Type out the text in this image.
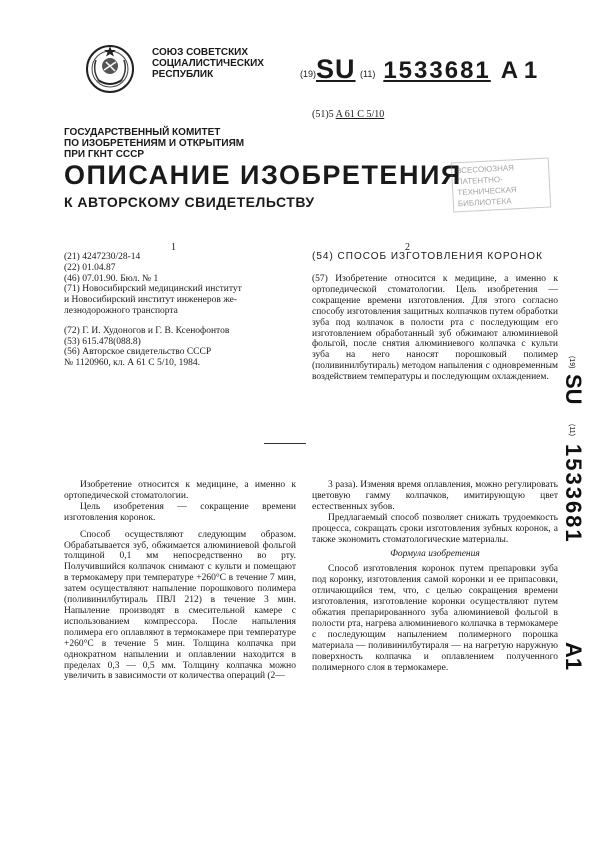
СОЮЗ СОВЕТСКИХ
СОЦИАЛИСТИЧЕСКИХ
РЕСПУБЛИК	(19)SU (11) 1533681 A 1
(51)5 A 61 C 5/10
ГОСУДАРСТВЕННЫЙ КОМИТЕТ
ПО ИЗОБРЕТЕНИЯМ И ОТКРЫТИЯМ
ПРИ ГКНТ СССР
ОПИСАНИЕ ИЗОБРЕТЕНИЯ
К АВТОРСКОМУ СВИДЕТЕЛЬСТВУ
ВСЕСОЮЗНАЯ
ПАТЕНТНО-
ТЕХНИЧЕСКАЯ
БИБЛИОТЕКА
1	2

(21) 4247230/28-14

(22) 01.04.87

(46) 07.01.90. Бюл. № 1

(71) Новосибирский медицинский институт

и Новосибирский институт инженеров же-

лезнодорожного транспорта

(72) Г. И. Худоногов и Г. В. Ксенофонтов

(53) 615.478(088.8)

(56) Авторское свидетельство СССР

№ 1120960, кл. А 61 С 5/10, 1984.

(54) СПОСОБ ИЗГОТОВЛЕНИЯ КОРОНОК
(57) Изобретение относится к медицине, а именно к ортопедической стоматологии. Цель изобретения — сокращение времени изготовления. Для этого согласно способу изготовления защитных колпачков путем обработки зуба под колпачок в полости рта с последующим его изготовлением обработанный зуб обжимают алюминиевой фольгой, после снятия алюминиевого колпачка с культи зуба на него наносят порошковый полимер (поливинилбутираль) методом напыления с одновременным воздействием температуры и последующим охлаждением.

Изобретение относится к медицине, а именно к ортопедической стоматологии.

Цель изобретения — сокращение времени изготовления коронок.

Способ осуществляют следующим образом. Обрабатывается зуб, обжимается алюминиевой фольгой толщиной 0,1 мм непосредственно во рту. Получившийся колпачок снимают с культи и помещают в термокамеру при температуре +260°С в течение 7 мин, затем осуществляют напыление порошкового полимера (поливинилбутираль ПВЛ 212) в течение 3 мин. Напыление производят в смесительной камере с использованием компрессора. После напыления полимера его оплавляют в термокамере при температуре +260°С в течение 5 мин. Толщина колпачка при однократном напылении и оплавлении находится в пределах 0,3 — 0,5 мм. Толщину колпачка можно увеличить в зависимости от количества операций (2—

3 раза). Изменяя время оплавления, можно регулировать цветовую гамму колпачков, имитирующую цвет естественных зубов.

Предлагаемый способ позволяет снижать трудоемкость процесса, сокращать сроки изготовления зубных коронок, а также экономить стоматологические материалы.

Формула изобретения

Способ изготовления коронок путем препаровки зуба под коронку, изготовления самой коронки и ее припасовки, отличающийся тем, что, с целью сокращения времени изготовления, изготовление коронки осуществляют путем обжатия препарированного зуба алюминиевой фольгой в полости рта, нагрева алюминиевого колпачка в термокамере с последующим напылением полимерного порошка материала — поливинилбутираля — на нагретую наружную поверхность колпачка и оплавлением полученного полимерного слоя в термокамере.

(19)
SU
(11)
1533681
A1
